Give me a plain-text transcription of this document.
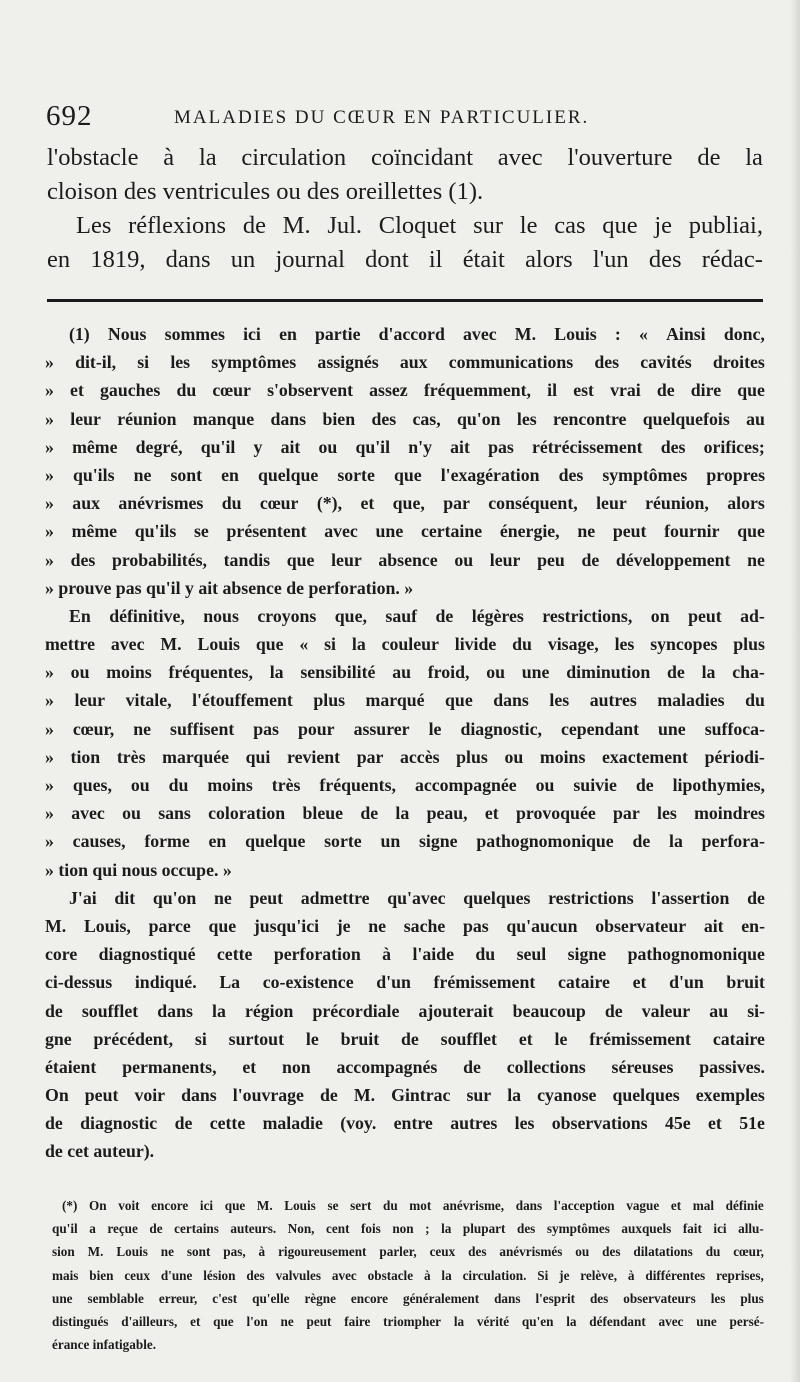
692	MALADIES DU CŒUR EN PARTICULIER.
l'obstacle à la circulation coïncidant avec l'ouverture de la
cloison des ventricules ou des oreillettes (1).
Les réflexions de M. Jul. Cloquet sur le cas que je publiai,
en 1819, dans un journal dont il était alors l'un des rédac-
(1) Nous sommes ici en partie d'accord avec M. Louis : « Ainsi donc,
» dit-il, si les symptômes assignés aux communications des cavités droites
» et gauches du cœur s'observent assez fréquemment, il est vrai de dire que
» leur réunion manque dans bien des cas, qu'on les rencontre quelquefois au
» même degré, qu'il y ait ou qu'il n'y ait pas rétrécissement des orifices;
» qu'ils ne sont en quelque sorte que l'exagération des symptômes propres
» aux anévrismes du cœur (*), et que, par conséquent, leur réunion, alors
» même qu'ils se présentent avec une certaine énergie, ne peut fournir que
» des probabilités, tandis que leur absence ou leur peu de développement ne
» prouve pas qu'il y ait absence de perforation. »
En définitive, nous croyons que, sauf de légères restrictions, on peut ad-
mettre avec M. Louis que « si la couleur livide du visage, les syncopes plus
» ou moins fréquentes, la sensibilité au froid, ou une diminution de la cha-
» leur vitale, l'étouffement plus marqué que dans les autres maladies du
» cœur, ne suffisent pas pour assurer le diagnostic, cependant une suffoca-
» tion très marquée qui revient par accès plus ou moins exactement périodi-
» ques, ou du moins très fréquents, accompagnée ou suivie de lipothymies,
» avec ou sans coloration bleue de la peau, et provoquée par les moindres
» causes, forme en quelque sorte un signe pathognomonique de la perfora-
» tion qui nous occupe. »
J'ai dit qu'on ne peut admettre qu'avec quelques restrictions l'assertion de
M. Louis, parce que jusqu'ici je ne sache pas qu'aucun observateur ait en-
core diagnostiqué cette perforation à l'aide du seul signe pathognomonique
ci-dessus indiqué. La co-existence d'un frémissement cataire et d'un bruit
de soufflet dans la région précordiale ajouterait beaucoup de valeur au si-
gne précédent, si surtout le bruit de soufflet et le frémissement cataire
étaient permanents, et non accompagnés de collections séreuses passives.
On peut voir dans l'ouvrage de M. Gintrac sur la cyanose quelques exemples
de diagnostic de cette maladie (voy. entre autres les observations 45e et 51e
de cet auteur).
(*) On voit encore ici que M. Louis se sert du mot anévrisme, dans l'acception vague et mal définie
qu'il a reçue de certains auteurs. Non, cent fois non ; la plupart des symptômes auxquels fait ici allu-
sion M. Louis ne sont pas, à rigoureusement parler, ceux des anévrismés ou des dilatations du cœur,
mais bien ceux d'une lésion des valvules avec obstacle à la circulation. Si je relève, à différentes reprises,
une semblable erreur, c'est qu'elle règne encore généralement dans l'esprit des observateurs les plus
distingués d'ailleurs, et que l'on ne peut faire triompher la vérité qu'en la défendant avec une persé-
érance infatigable.
